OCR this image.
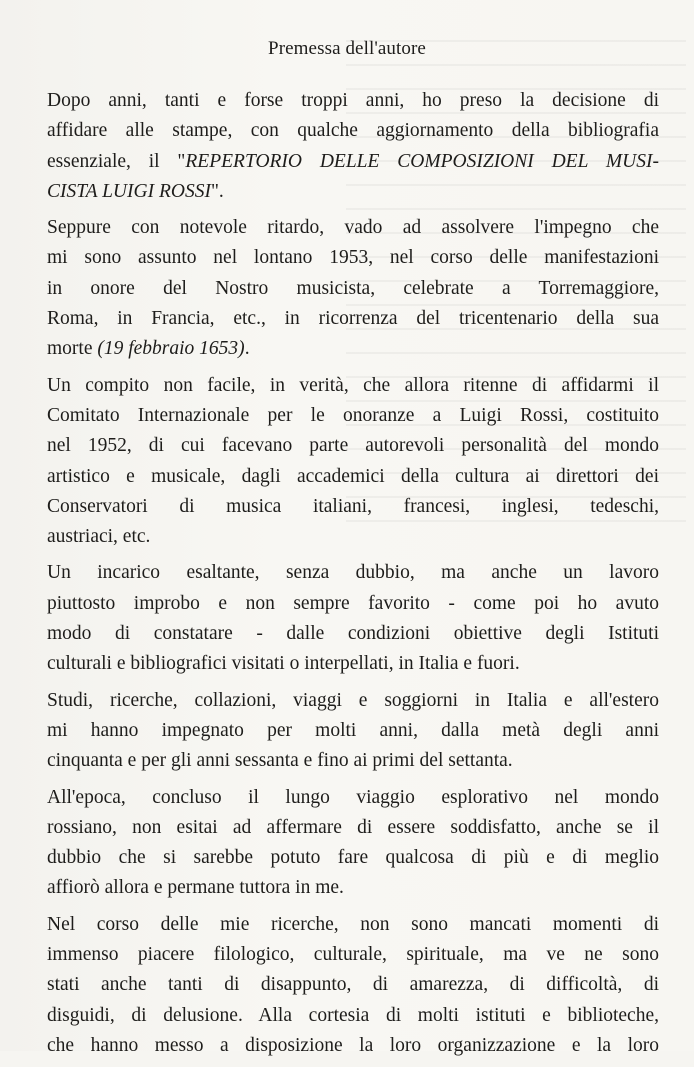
Premessa dell'autore
Dopo anni, tanti e forse troppi anni, ho preso la decisione di
affidare alle stampe, con qualche aggiornamento della bibliografia
essenziale, il "REPERTORIO DELLE COMPOSIZIONI DEL MUSI-
CISTA LUIGI ROSSI".
Seppure con notevole ritardo, vado ad assolvere l'impegno che
mi sono assunto nel lontano 1953, nel corso delle manifestazioni
in onore del Nostro musicista, celebrate a Torremaggiore,
Roma, in Francia, etc., in ricorrenza del tricentenario della sua
morte (19 febbraio 1653).
Un compito non facile, in verità, che allora ritenne di affidarmi il
Comitato Internazionale per le onoranze a Luigi Rossi, costituito
nel 1952, di cui facevano parte autorevoli personalità del mondo
artistico e musicale, dagli accademici della cultura ai direttori dei
Conservatori di musica italiani, francesi, inglesi, tedeschi,
austriaci, etc.
Un incarico esaltante, senza dubbio, ma anche un lavoro
piuttosto improbo e non sempre favorito - come poi ho avuto
modo di constatare - dalle condizioni obiettive degli Istituti
culturali e bibliografici visitati o interpellati, in Italia e fuori.
Studi, ricerche, collazioni, viaggi e soggiorni in Italia e all'estero
mi hanno impegnato per molti anni, dalla metà degli anni
cinquanta e per gli anni sessanta e fino ai primi del settanta.
All'epoca, concluso il lungo viaggio esplorativo nel mondo
rossiano, non esitai ad affermare di essere soddisfatto, anche se il
dubbio che si sarebbe potuto fare qualcosa di più e di meglio
affiorò allora e permane tuttora in me.
Nel corso delle mie ricerche, non sono mancati momenti di
immenso piacere filologico, culturale, spirituale, ma ve ne sono
stati anche tanti di disappunto, di amarezza, di difficoltà, di
disguidi, di delusione. Alla cortesia di molti istituti e biblioteche,
che hanno messo a disposizione la loro organizzazione e la loro
